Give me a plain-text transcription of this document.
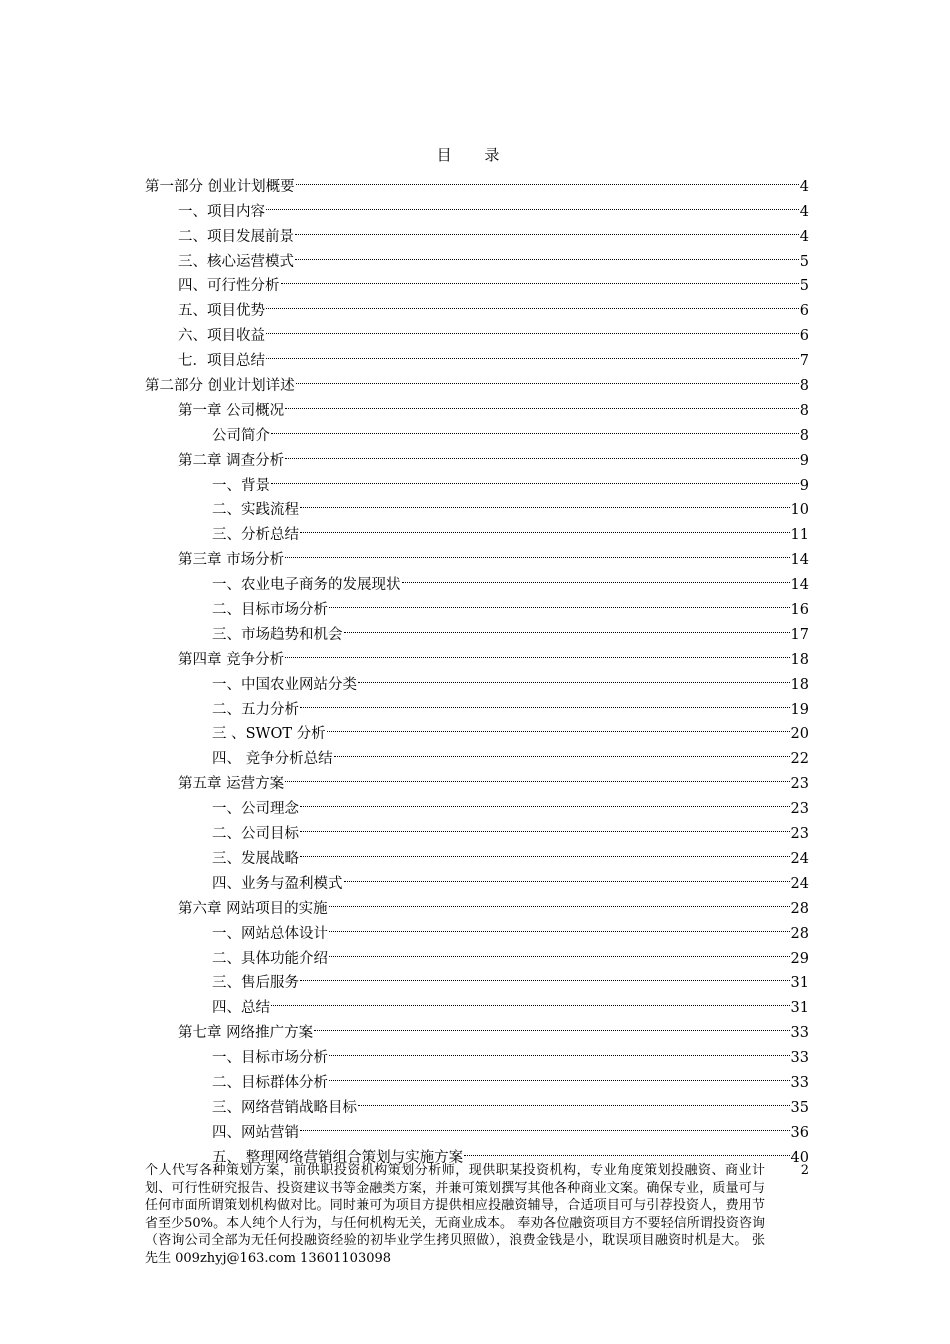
目 录
第一部分 创业计划概要	4
一、项目内容	4
二、项目发展前景	4
三、核心运营模式	5
四、可行性分析	5
五、项目优势	6
六、项目收益	6
七．项目总结	7
第二部分 创业计划详述	8
第一章 公司概况	8
公司简介	8
第二章 调查分析	9
一、背景	9
二、实践流程	10
三、分析总结	11
第三章 市场分析	14
一、农业电子商务的发展现状	14
二、目标市场分析	16
三、市场趋势和机会	17
第四章 竞争分析	18
一、中国农业网站分类	18
二、五力分析	19
三 、SWOT 分析	20
四、 竞争分析总结	22
第五章 运营方案	23
一、公司理念	23
二、公司目标	23
三、发展战略	24
四、业务与盈利模式	24
第六章 网站项目的实施	28
一、网站总体设计	28
二、具体功能介绍	29
三、售后服务	31
四、总结	31
第七章 网络推广方案	33
一、目标市场分析	33
二、目标群体分析	33
三、网络营销战略目标	35
四、网站营销	36
五、 整理网络营销组合策划与实施方案	40
个人代写各种策划方案，前供职投资机构策划分析师，现供职某投资机构，专业角度策划投融资、商业计划、可行性研究报告、投资建议书等金融类方案，并兼可策划撰写其他各种商业文案。确保专业，质量可与任何市面所谓策划机构做对比。同时兼可为项目方提供相应投融资辅导，合适项目可与引荐投资人，费用节省至少50%。本人纯个人行为，与任何机构无关，无商业成本。 奉劝各位融资项目方不要轻信所谓投资咨询（咨询公司全部为无任何投融资经验的初毕业学生拷贝照做），浪费金钱是小，耽误项目融资时机是大。 张先生 009zhyj@163.com 13601103098
2
